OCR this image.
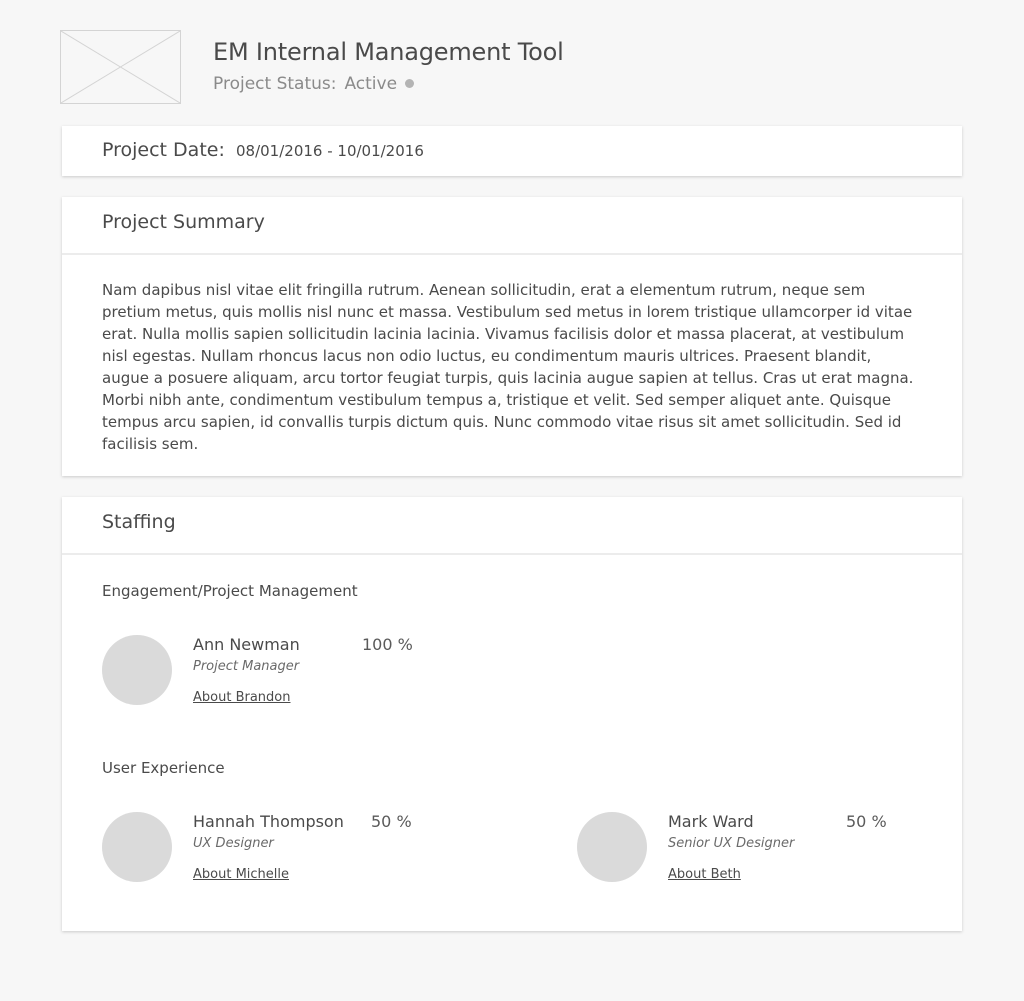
EM Internal Management Tool
Project Status: Active
Project Date: 08/01/2016 - 10/01/2016
Project Summary

Nam dapibus nisl vitae elit fringilla rutrum. Aenean sollicitudin, erat a elementum rutrum, neque sem pretium metus, quis mollis nisl nunc et massa. Vestibulum sed metus in lorem tristique ullamcorper id vitae erat. Nulla mollis sapien sollicitudin lacinia lacinia. Vivamus facilisis dolor et massa placerat, at vestibulum nisl egestas. Nullam rhoncus lacus non odio luctus, eu condimentum mauris ultrices. Praesent blandit, augue a posuere aliquam, arcu tortor feugiat turpis, quis lacinia augue sapien at tellus. Cras ut erat magna. Morbi nibh ante, condimentum vestibulum tempus a, tristique et velit. Sed semper aliquet ante. Quisque tempus arcu sapien, id convallis turpis dictum quis. Nunc commodo vitae risus sit amet sollicitudin. Sed id facilisis sem.

Staffing
Engagement/Project Management
Ann Newman
Project Manager
About Brandon
100 %
User Experience
Hannah Thompson
UX Designer
About Michelle
50 %	Mark Ward
Senior UX Designer
About Beth
50 %
